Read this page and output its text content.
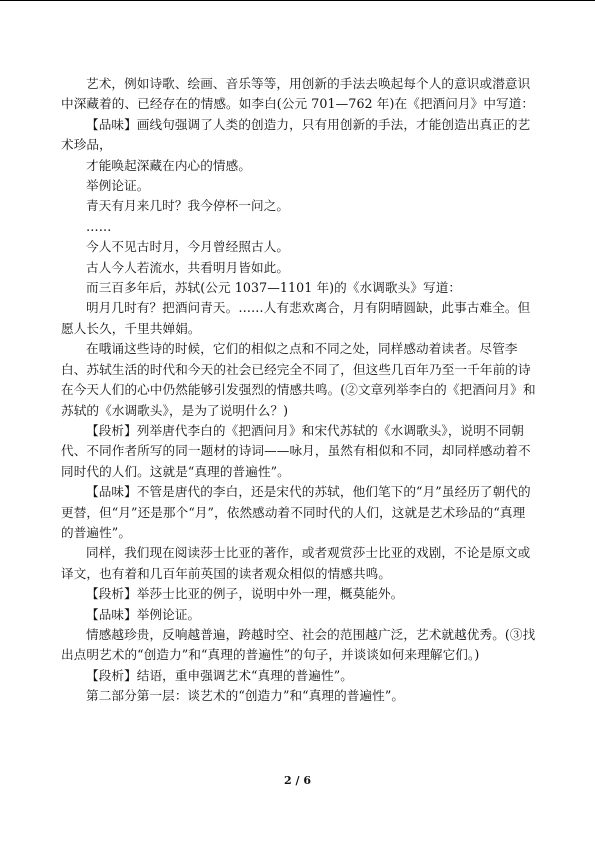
艺术，例如诗歌、绘画、音乐等等，用创新的手法去唤起每个人的意识或潜意识中深藏着的、已经存在的情感。如李白(公元 701—762 年)在《把酒问月》中写道：

【品味】画线句强调了人类的创造力，只有用创新的手法，才能创造出真正的艺术珍品，

才能唤起深藏在内心的情感。

举例论证。

青天有月来几时？我今停杯一问之。

……

今人不见古时月，今月曾经照古人。

古人今人若流水，共看明月皆如此。

而三百多年后，苏轼(公元 1037—1101 年)的《水调歌头》写道：

明月几时有？把酒问青天。……人有悲欢离合，月有阴晴圆缺，此事古难全。但愿人长久，千里共婵娟。

在哦诵这些诗的时候，它们的相似之点和不同之处，同样感动着读者。尽管李白、苏轼生活的时代和今天的社会已经完全不同了，但这些几百年乃至一千年前的诗在今天人们的心中仍然能够引发强烈的情感共鸣。(②文章列举李白的《把酒问月》和苏轼的《水调歌头》，是为了说明什么？)

【段析】列举唐代李白的《把酒问月》和宋代苏轼的《水调歌头》，说明不同朝代、不同作者所写的同一题材的诗词——咏月，虽然有相似和不同，却同样感动着不同时代的人们。这就是“真理的普遍性”。

【品味】不管是唐代的李白，还是宋代的苏轼，他们笔下的“月”虽经历了朝代的更替，但“月”还是那个“月”，依然感动着不同时代的人们，这就是艺术珍品的“真理的普遍性”。

同样，我们现在阅读莎士比亚的著作，或者观赏莎士比亚的戏剧，不论是原文或译文，也有着和几百年前英国的读者观众相似的情感共鸣。

【段析】举莎士比亚的例子，说明中外一理，概莫能外。

【品味】举例论证。

情感越珍贵，反响越普遍，跨越时空、社会的范围越广泛，艺术就越优秀。(③找出点明艺术的“创造力”和“真理的普遍性”的句子，并谈谈如何来理解它们。)

【段析】结语，重申强调艺术“真理的普遍性”。

第二部分第一层：谈艺术的“创造力”和“真理的普遍性”。

2 / 6
